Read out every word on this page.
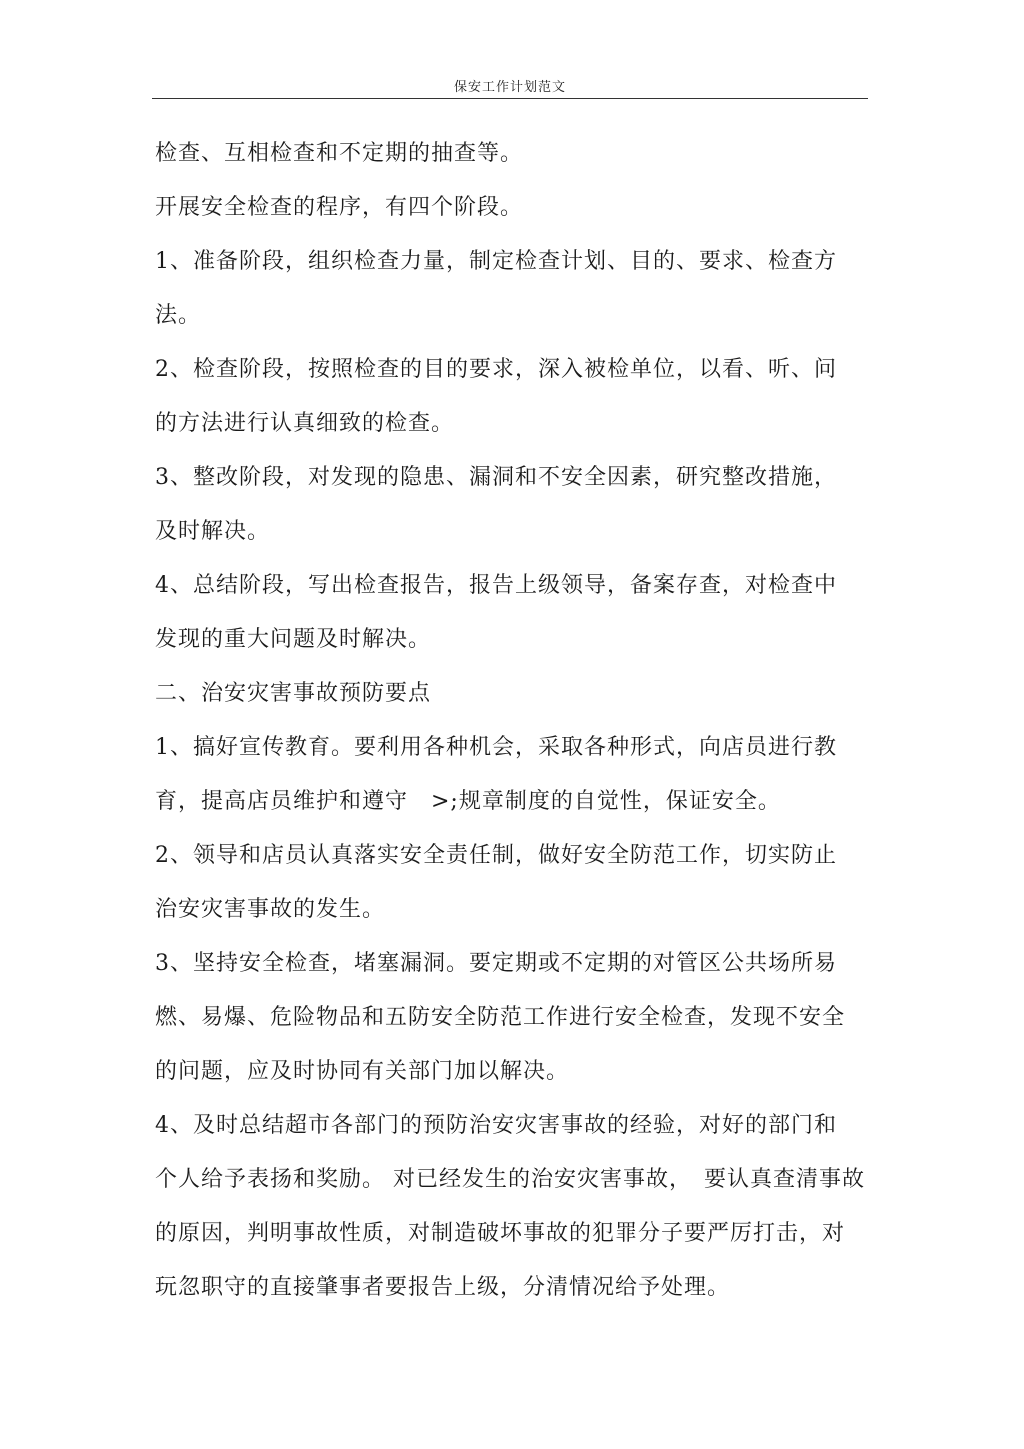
保安工作计划范文
检查、互相检查和不定期的抽查等。
开展安全检查的程序，有四个阶段。
1、准备阶段，组织检查力量，制定检查计划、目的、要求、检查方
法。
2、检查阶段，按照检查的目的要求，深入被检单位，以看、听、问
的方法进行认真细致的检查。
3、整改阶段，对发现的隐患、漏洞和不安全因素，研究整改措施，
及时解决。
4、总结阶段，写出检查报告，报告上级领导，备案存查，对检查中
发现的重大问题及时解决。
二、治安灾害事故预防要点
1、搞好宣传教育。要利用各种机会，采取各种形式，向店员进行教
育，提高店员维护和遵守　>;规章制度的自觉性，保证安全。
2、领导和店员认真落实安全责任制，做好安全防范工作，切实防止
治安灾害事故的发生。
3、坚持安全检查，堵塞漏洞。要定期或不定期的对管区公共场所易
燃、易爆、危险物品和五防安全防范工作进行安全检查，发现不安全
的问题，应及时协同有关部门加以解决。
4、及时总结超市各部门的预防治安灾害事故的经验，对好的部门和
个人给予表扬和奖励。 对已经发生的治安灾害事故，　要认真查清事故
的原因，判明事故性质，对制造破坏事故的犯罪分子要严厉打击，对
玩忽职守的直接肇事者要报告上级，分清情况给予处理。
